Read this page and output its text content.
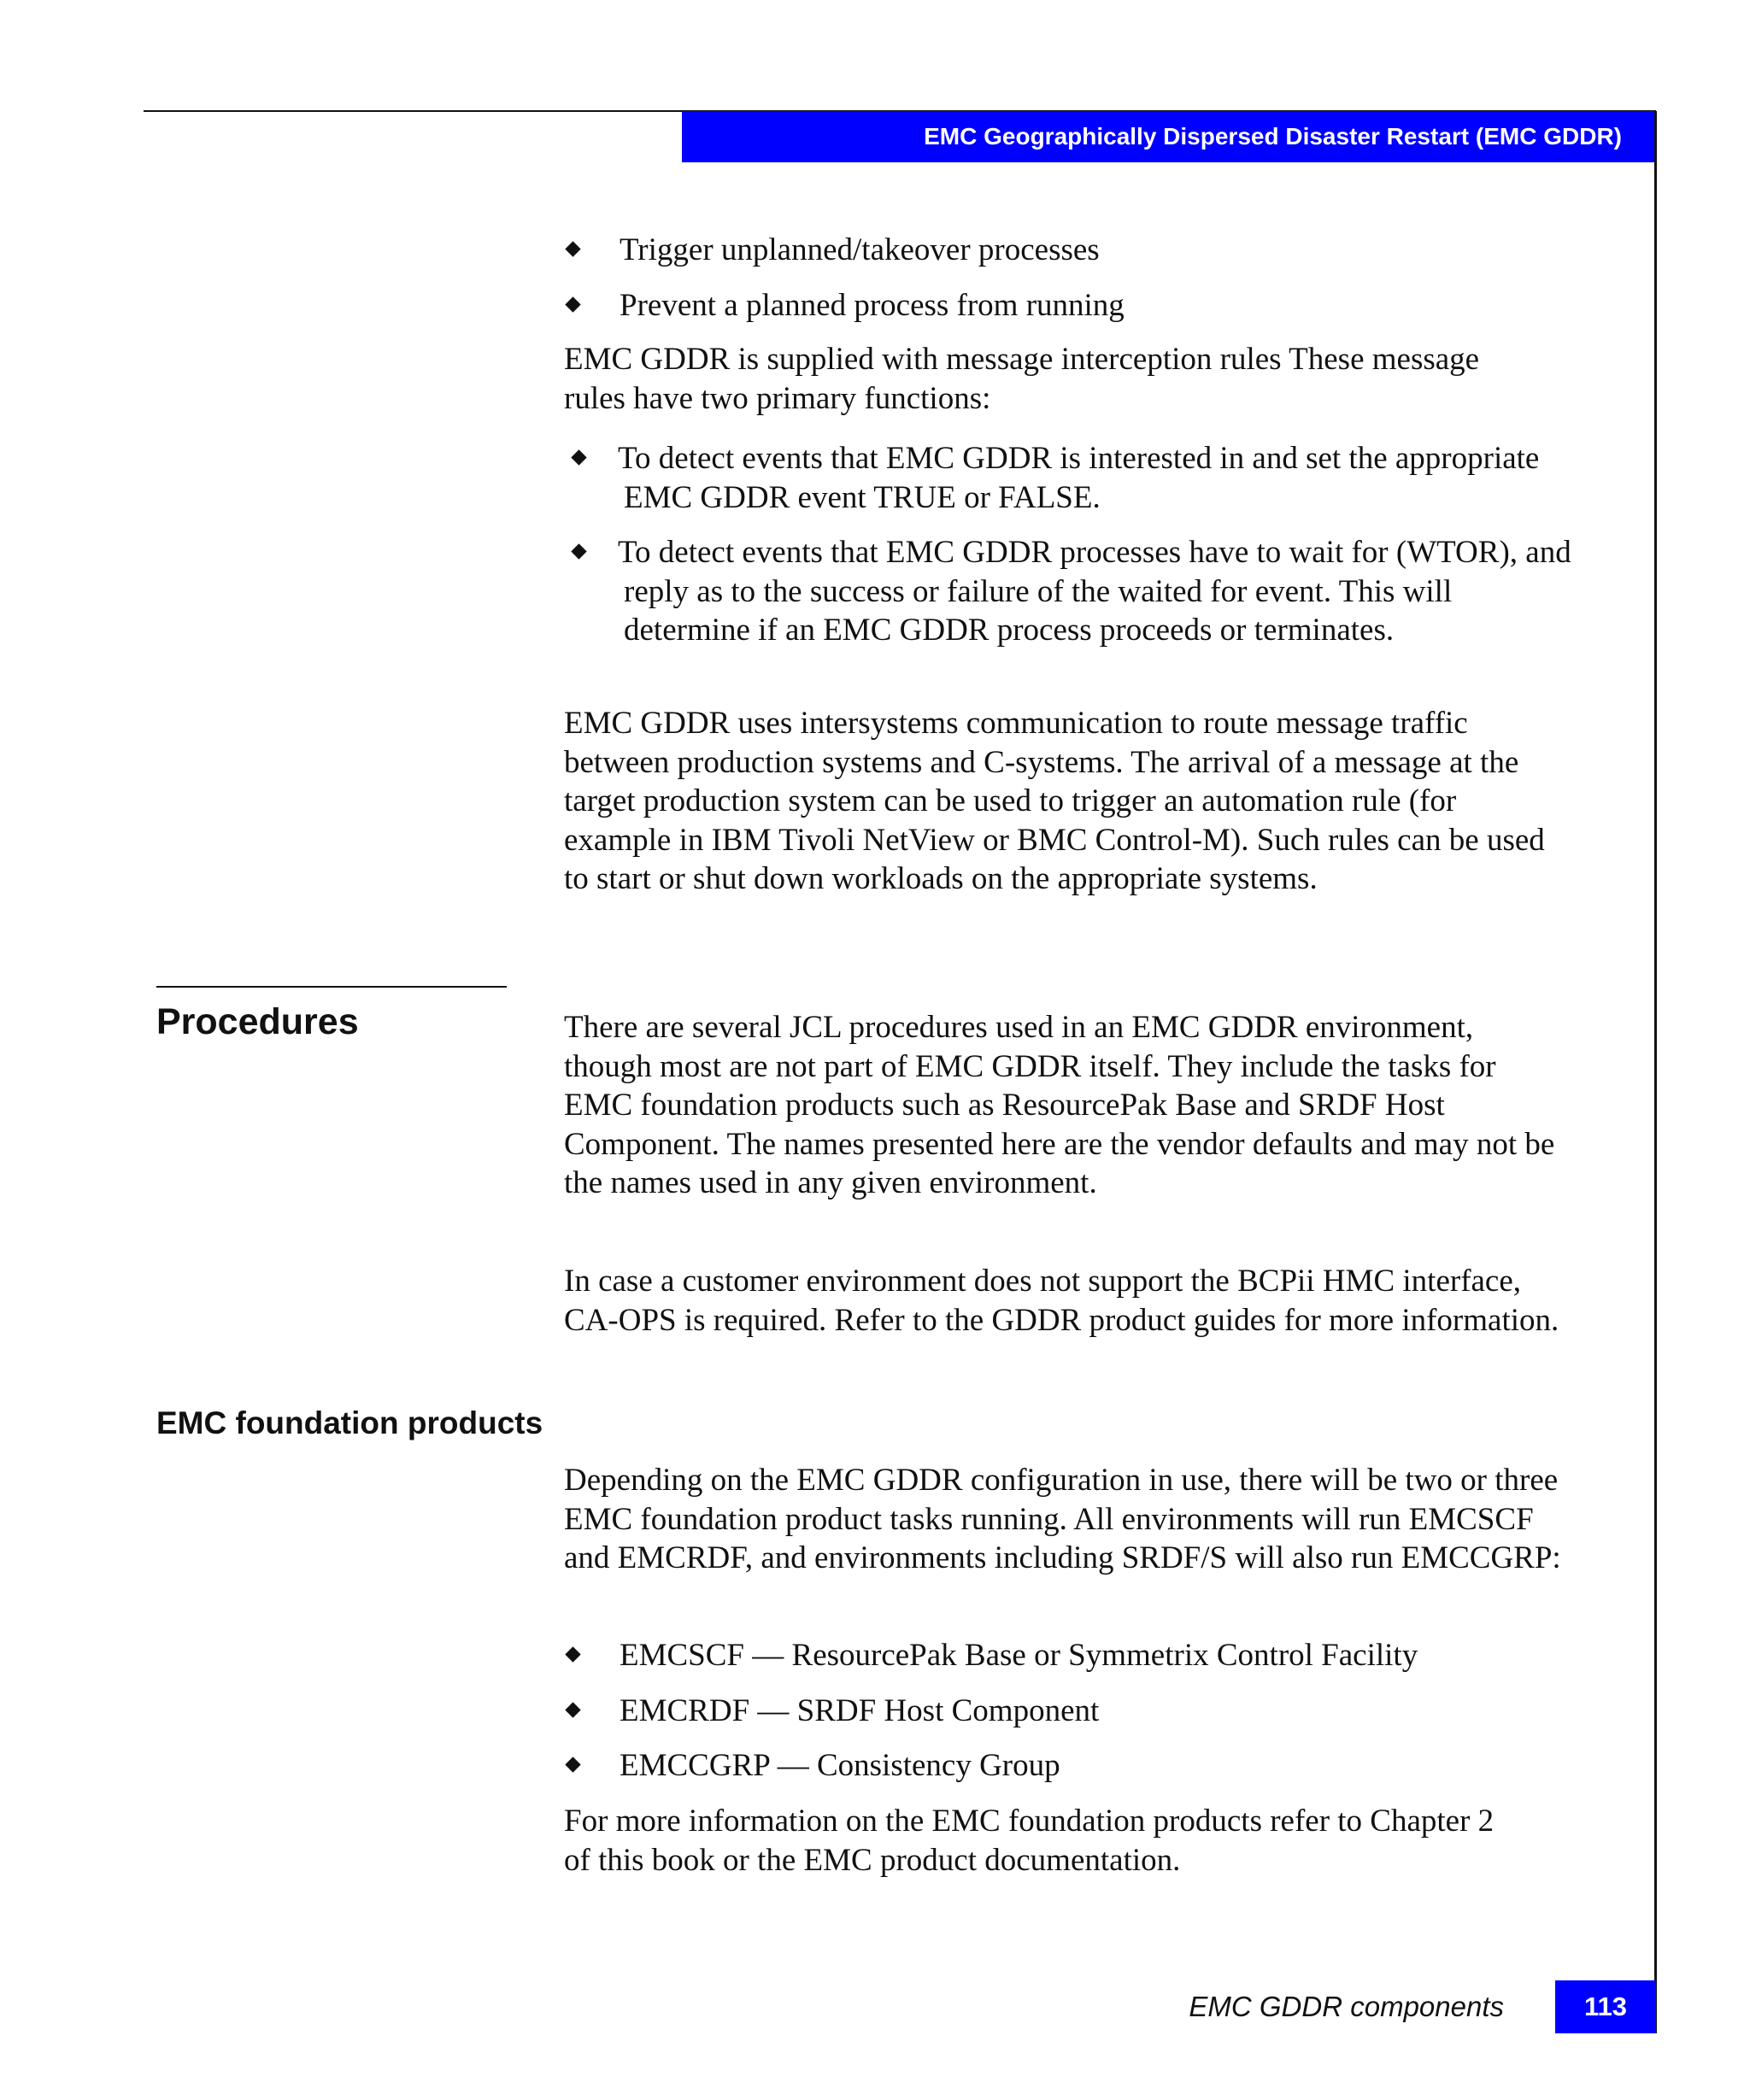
EMC Geographically Dispersed Disaster Restart (EMC GDDR)

Trigger unplanned/takeover processes

Prevent a planned process from running

EMC GDDR is supplied with message interception rules These message rules have two primary functions:

To detect events that EMC GDDR is interested in and set the appropriate EMC GDDR event TRUE or FALSE.

To detect events that EMC GDDR processes have to wait for (WTOR), and reply as to the success or failure of the waited for event. This will determine if an EMC GDDR process proceeds or terminates.

EMC GDDR uses intersystems communication to route message traffic between production systems and C-systems. The arrival of a message at the target production system can be used to trigger an automation rule (for example in IBM Tivoli NetView or BMC Control-M). Such rules can be used to start or shut down workloads on the appropriate systems.

Procedures	There are several JCL procedures used in an EMC GDDR environment, though most are not part of EMC GDDR itself. They include the tasks for EMC foundation products such as ResourcePak Base and SRDF Host Component. The names presented here are the vendor defaults and may not be the names used in any given environment.

In case a customer environment does not support the BCPii HMC interface, CA-OPS is required. Refer to the GDDR product guides for more information.

EMC foundation products

Depending on the EMC GDDR configuration in use, there will be two or three EMC foundation product tasks running. All environments will run EMCSCF and EMCRDF, and environments including SRDF/S will also run EMCCGRP:

EMCSCF — ResourcePak Base or Symmetrix Control Facility

EMCRDF — SRDF Host Component

EMCCGRP — Consistency Group

For more information on the EMC foundation products refer to Chapter 2 of this book or the EMC product documentation.

EMC GDDR components	113
